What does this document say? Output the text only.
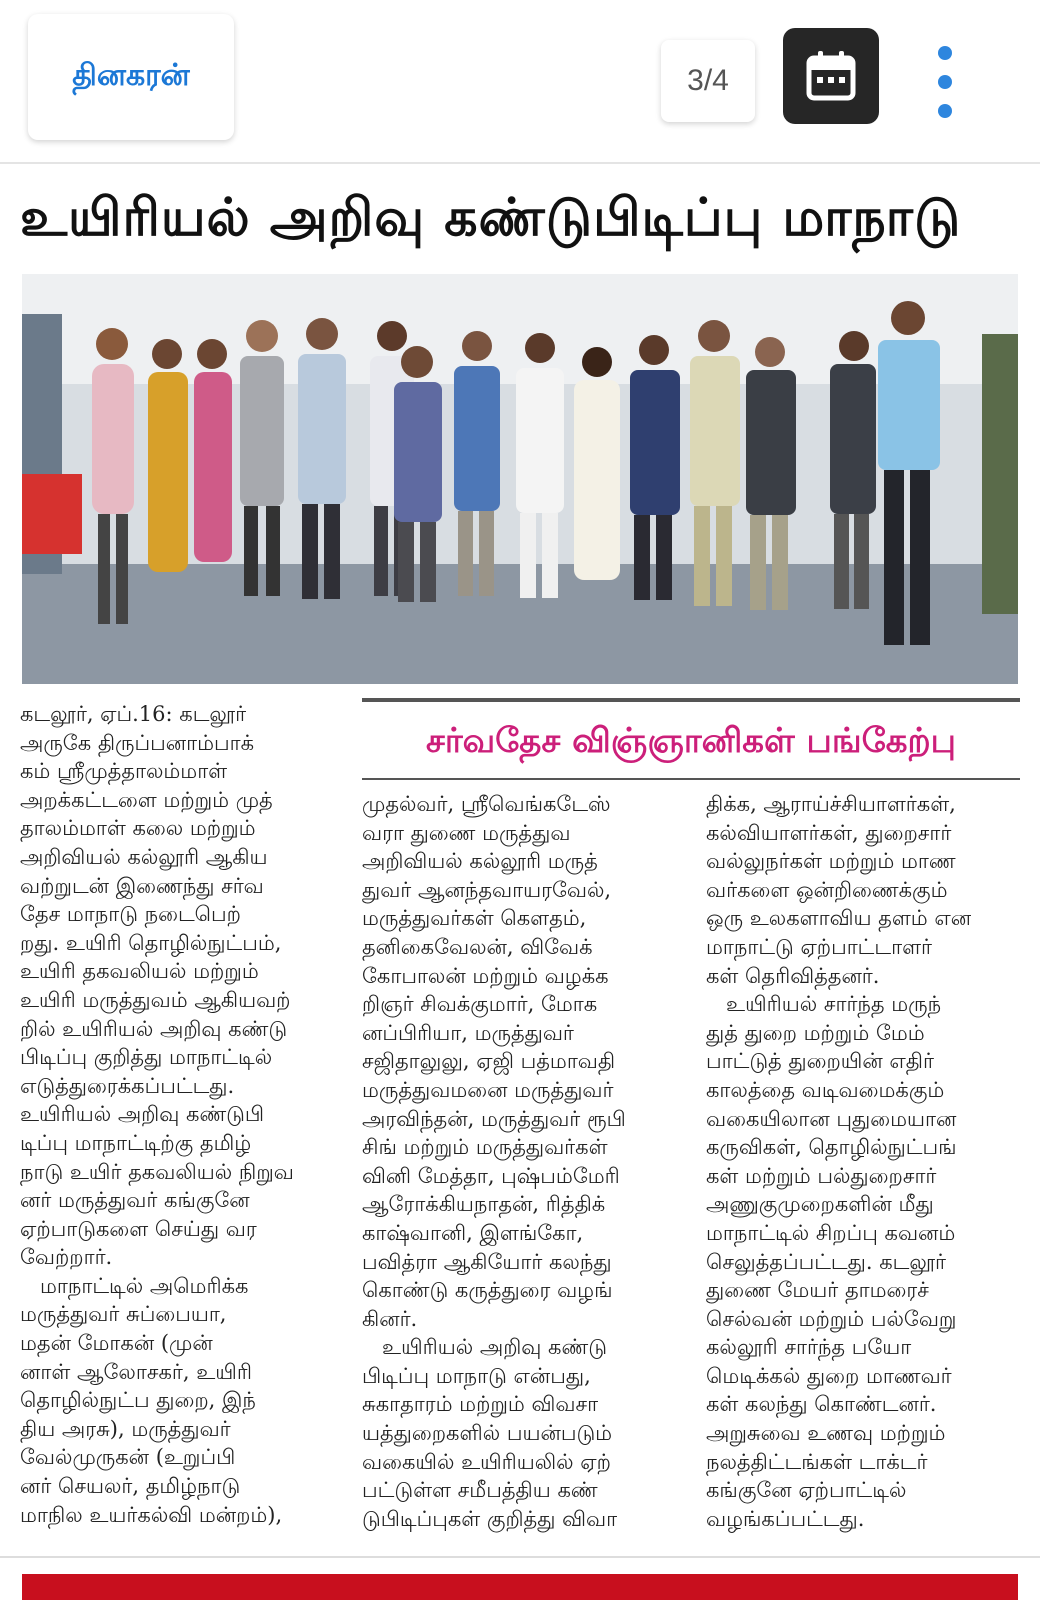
தினகரன்	3/4
உயிரியல் அறிவு கண்டுபிடிப்பு மாநாடு
சர்வதேச விஞ்ஞானிகள் பங்கேற்பு
கடலூர், ஏப்.16: கடலூர்
அருகே திருப்பனாம்பாக்
கம் ஸ்ரீமுத்தாலம்மாள்
அறக்கட்டளை மற்றும் முத்
தாலம்மாள் கலை மற்றும்
அறிவியல் கல்லூரி ஆகிய
வற்றுடன் இணைந்து சர்வ
தேச மாநாடு நடைபெற்
றது. உயிரி தொழில்நுட்பம்,
உயிரி தகவலியல் மற்றும்
உயிரி மருத்துவம் ஆகியவற்
றில் உயிரியல் அறிவு கண்டு
பிடிப்பு குறித்து மாநாட்டில்
எடுத்துரைக்கப்பட்டது.
உயிரியல் அறிவு கண்டுபி
டிப்பு மாநாட்டிற்கு தமிழ்
நாடு உயிர் தகவலியல் நிறுவ
னர் மருத்துவர் கங்குனே
ஏற்பாடுகளை செய்து வர
வேற்றார்.
மாநாட்டில் அமெரிக்க
மருத்துவர் சுப்பையா,
மதன் மோகன் (முன்
னாள் ஆலோசகர், உயிரி
தொழில்நுட்ப துறை, இந்
திய அரசு), மருத்துவர்
வேல்முருகன் (உறுப்பி
னர் செயலர், தமிழ்நாடு
மாநில உயர்கல்வி மன்றம்),
முதல்வர், ஸ்ரீவெங்கடேஸ்
வரா துணை மருத்துவ
அறிவியல் கல்லூரி மருத்
துவர் ஆனந்தவாயரவேல்,
மருத்துவர்கள் கௌதம்,
தனிகைவேலன், விவேக்
கோபாலன் மற்றும் வழக்க
றிஞர் சிவக்குமார், மோக
னப்பிரியா, மருத்துவர்
சஜிதாலுலு, ஏஜி பத்மாவதி
மருத்துவமனை மருத்துவர்
அரவிந்தன், மருத்துவர் ரூபி
சிங் மற்றும் மருத்துவர்கள்
வினி மேத்தா, புஷ்பம்மேரி
ஆரோக்கியநாதன், ரித்திக்
காஷ்வானி, இளங்கோ,
பவித்ரா ஆகியோர் கலந்து
கொண்டு கருத்துரை வழங்
கினர்.
உயிரியல் அறிவு கண்டு
பிடிப்பு மாநாடு என்பது,
சுகாதாரம் மற்றும் விவசா
யத்துறைகளில் பயன்படும்
வகையில் உயிரியலில் ஏற்
பட்டுள்ள சமீபத்திய கண்
டுபிடிப்புகள் குறித்து விவா
திக்க, ஆராய்ச்சியாளர்கள்,
கல்வியாளர்கள், துறைசார்
வல்லுநர்கள் மற்றும் மாண
வர்களை ஒன்றிணைக்கும்
ஒரு உலகளாவிய தளம் என
மாநாட்டு ஏற்பாட்டாளர்
கள் தெரிவித்தனர்.
உயிரியல் சார்ந்த மருந்
துத் துறை மற்றும் மேம்
பாட்டுத் துறையின் எதிர்
காலத்தை வடிவமைக்கும்
வகையிலான புதுமையான
கருவிகள், தொழில்நுட்பங்
கள் மற்றும் பல்துறைசார்
அணுகுமுறைகளின் மீது
மாநாட்டில் சிறப்பு கவனம்
செலுத்தப்பட்டது. கடலூர்
துணை மேயர் தாமரைச்
செல்வன் மற்றும் பல்வேறு
கல்லூரி சார்ந்த பயோ
மெடிக்கல் துறை மாணவர்
கள் கலந்து கொண்டனர்.
அறுசுவை உணவு மற்றும்
நலத்திட்டங்கள் டாக்டர்
கங்குனே ஏற்பாட்டில்
வழங்கப்பட்டது.
